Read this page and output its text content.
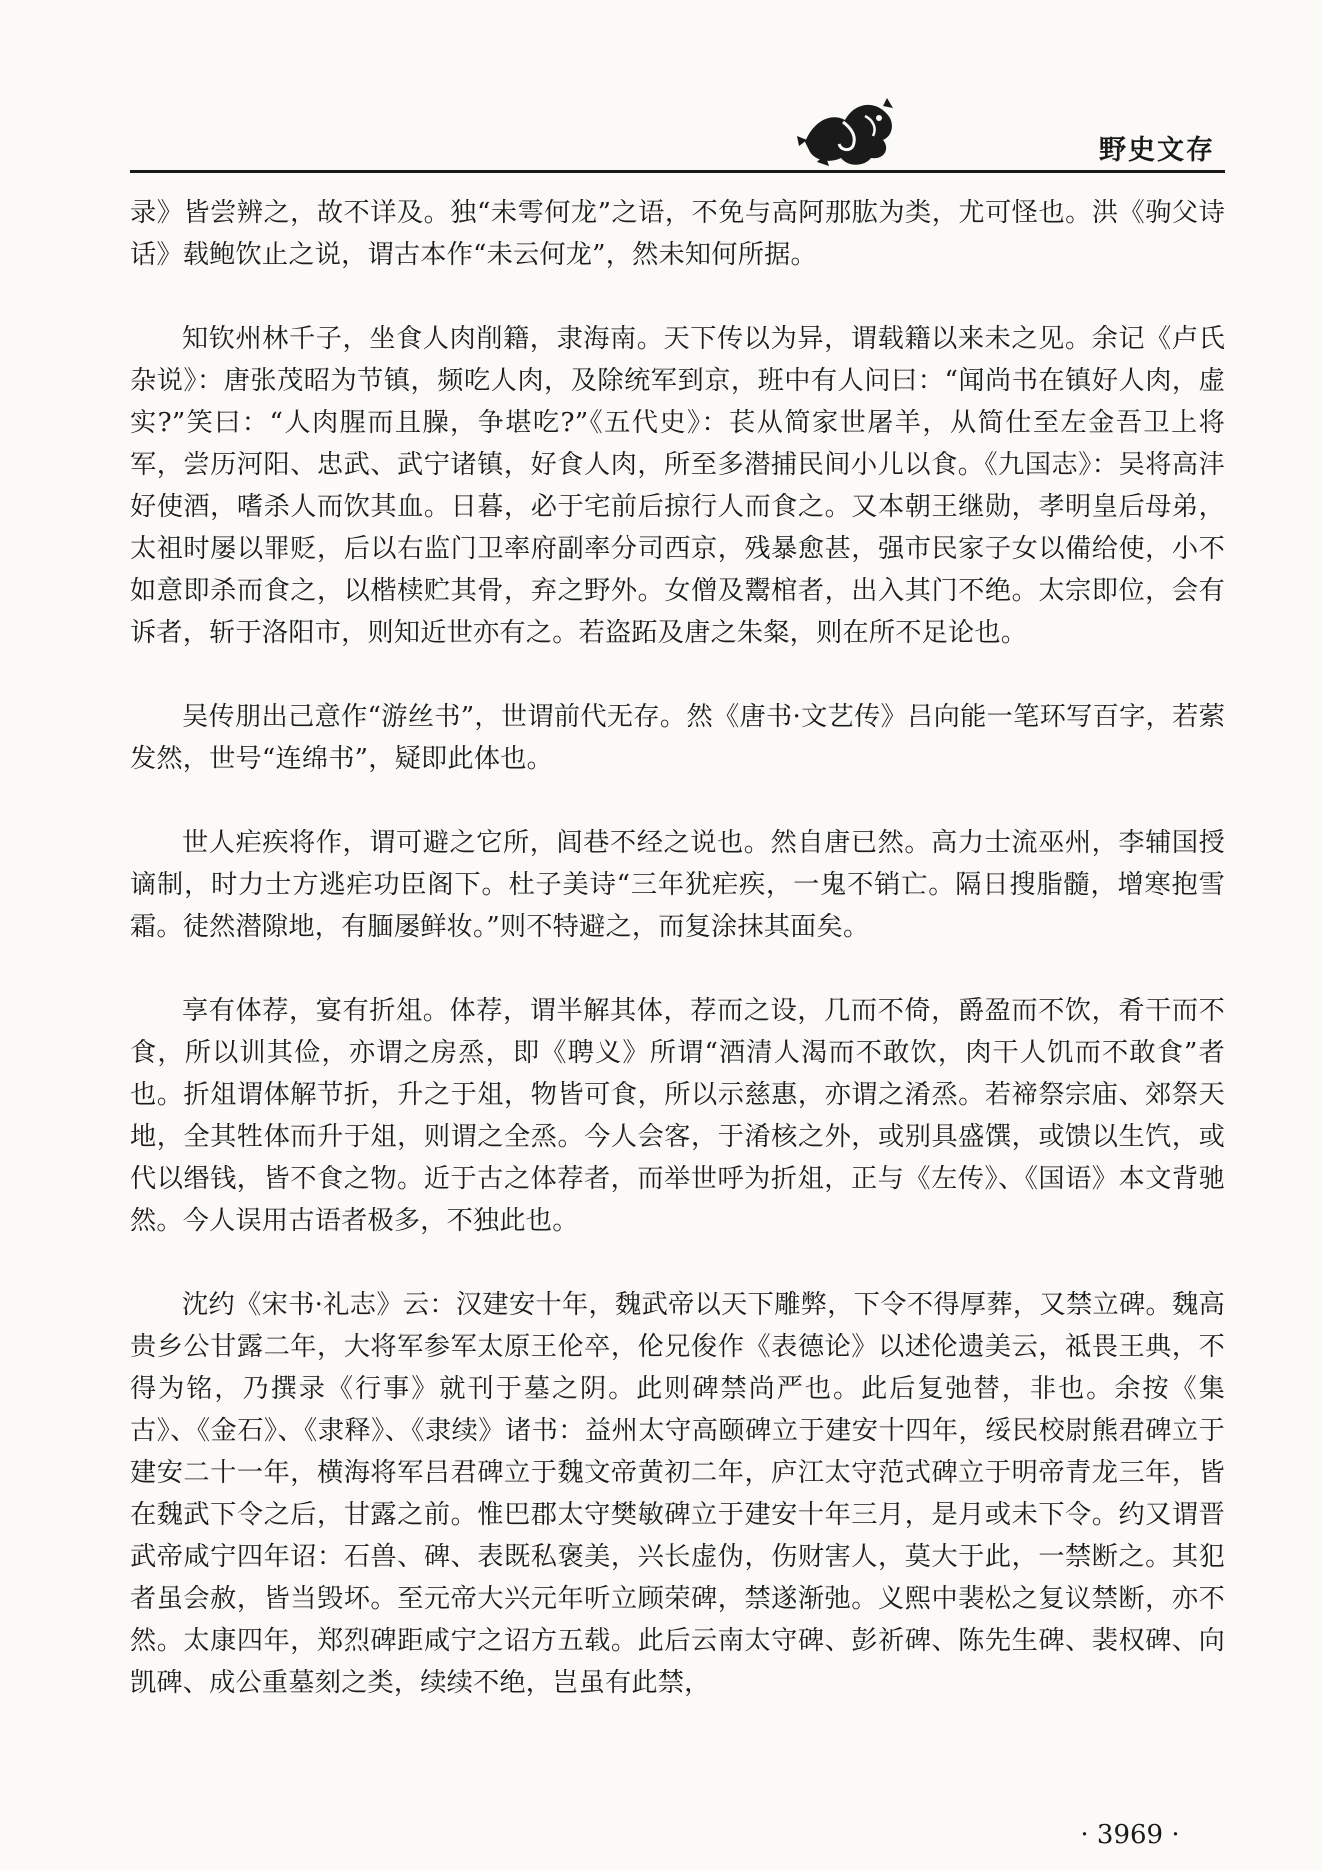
野史文存

录》皆尝辨之，故不详及。独“未雩何龙”之语，不免与高阿那肱为类，尤可怪也。洪《驹父诗话》载鲍饮止之说，谓古本作“未云何龙”，然未知何所据。

知钦州林千子，坐食人肉削籍，隶海南。天下传以为异，谓载籍以来未之见。余记《卢氏杂说》：唐张茂昭为节镇，频吃人肉，及除统军到京，班中有人问曰：“闻尚书在镇好人肉，虚实?”笑曰：“人肉腥而且臊，争堪吃?”《五代史》：苌从简家世屠羊，从简仕至左金吾卫上将军，尝历河阳、忠武、武宁诸镇，好食人肉，所至多潜捕民间小儿以食。《九国志》：吴将高沣好使酒，嗜杀人而饮其血。日暮，必于宅前后掠行人而食之。又本朝王继勋，孝明皇后母弟，太祖时屡以罪贬，后以右监门卫率府副率分司西京，残暴愈甚，强市民家子女以備给使，小不如意即杀而食之，以楷椟贮其骨，弃之野外。女僧及鬻棺者，出入其门不绝。太宗即位，会有诉者，斩于洛阳市，则知近世亦有之。若盗跖及唐之朱粲，则在所不足论也。

吴传朋出己意作“游丝书”，世谓前代无存。然《唐书·文艺传》吕向能一笔环写百字，若萦发然，世号“连绵书”，疑即此体也。

世人疟疾将作，谓可避之它所，闾巷不经之说也。然自唐已然。高力士流巫州，李辅国授谪制，时力士方逃疟功臣阁下。杜子美诗“三年犹疟疾，一鬼不销亡。隔日搜脂髓，增寒抱雪霜。徒然潜隙地，有腼屡鲜妆。”则不特避之，而复涂抹其面矣。

享有体荐，宴有折俎。体荐，谓半解其体，荐而之设，几而不倚，爵盈而不饮，肴干而不食，所以训其俭，亦谓之房烝，即《聘义》所谓“酒清人渴而不敢饮，肉干人饥而不敢食”者也。折俎谓体解节折，升之于俎，物皆可食，所以示慈惠，亦谓之淆烝。若禘祭宗庙、郊祭天地，全其牲体而升于俎，则谓之全烝。今人会客，于淆核之外，或别具盛馔，或馈以生饩，或代以缗钱，皆不食之物。近于古之体荐者，而举世呼为折俎，正与《左传》、《国语》本文背驰然。今人误用古语者极多，不独此也。

沈约《宋书·礼志》云：汉建安十年，魏武帝以天下雕弊，下令不得厚葬，又禁立碑。魏高贵乡公甘露二年，大将军参军太原王伦卒，伦兄俊作《表德论》以述伦遗美云，祗畏王典，不得为铭，乃撰录《行事》就刊于墓之阴。此则碑禁尚严也。此后复弛替，非也。余按《集古》、《金石》、《隶释》、《隶续》诸书：益州太守高颐碑立于建安十四年，绥民校尉熊君碑立于建安二十一年，横海将军吕君碑立于魏文帝黄初二年，庐江太守范式碑立于明帝青龙三年，皆在魏武下令之后，甘露之前。惟巴郡太守樊敏碑立于建安十年三月，是月或未下令。约又谓晋武帝咸宁四年诏：石兽、碑、表既私褒美，兴长虚伪，伤财害人，莫大于此，一禁断之。其犯者虽会赦，皆当毁坏。至元帝大兴元年听立顾荣碑，禁遂渐弛。义熙中裴松之复议禁断，亦不然。太康四年，郑烈碑距咸宁之诏方五载。此后云南太守碑、彭祈碑、陈先生碑、裴权碑、向凯碑、成公重墓刻之类，续续不绝，岂虽有此禁，

· 3969 ·
